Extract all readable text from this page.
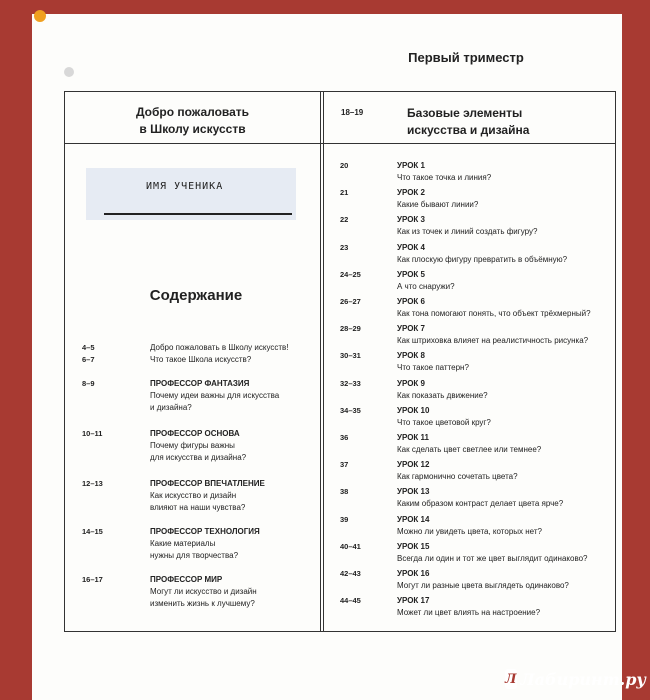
Первый триместр
Добро пожаловать
в Школу искусств
18–19	Базовые элементы
искусства и дизайна
ИМЯ УЧЕНИКА
Содержание
4–5	Добро пожаловать в Школу искусств!
6–7	Что такое Школа искусств?
8–9	ПРОФЕССОР ФАНТАЗИЯ
Почему идеи важны для искусства
и дизайна?
10–11	ПРОФЕССОР ОСНОВА
Почему фигуры важны
для искусства и дизайна?
12–13	ПРОФЕССОР ВПЕЧАТЛЕНИЕ
Как искусство и дизайн
влияют на наши чувства?
14–15	ПРОФЕССОР ТЕХНОЛОГИЯ
Какие материалы
нужны для творчества?
16–17	ПРОФЕССОР МИР
Могут ли искусство и дизайн
изменить жизнь к лучшему?
20	УРОК 1
Что такое точка и линия?
21	УРОК 2
Какие бывают линии?
22	УРОК 3
Как из точек и линий создать фигуру?
23	УРОК 4
Как плоскую фигуру превратить в объёмную?
24–25	УРОК 5
А что снаружи?
26–27	УРОК 6
Как тона помогают понять, что объект трёхмерный?
28–29	УРОК 7
Как штриховка влияет на реалистичность рисунка?
30–31	УРОК 8
Что такое паттерн?
32–33	УРОК 9
Как показать движение?
34–35	УРОК 10
Что такое цветовой круг?
36	УРОК 11
Как сделать цвет светлее или темнее?
37	УРОК 12
Как гармонично сочетать цвета?
38	УРОК 13
Каким образом контраст делает цвета ярче?
39	УРОК 14
Можно ли увидеть цвета, которых нет?
40–41	УРОК 15
Всегда ли один и тот же цвет выглядит одинаково?
42–43	УРОК 16
Могут ли разные цвета выглядеть одинаково?
44–45	УРОК 17
Может ли цвет влиять на настроение?
Л Лабиринт.ру
